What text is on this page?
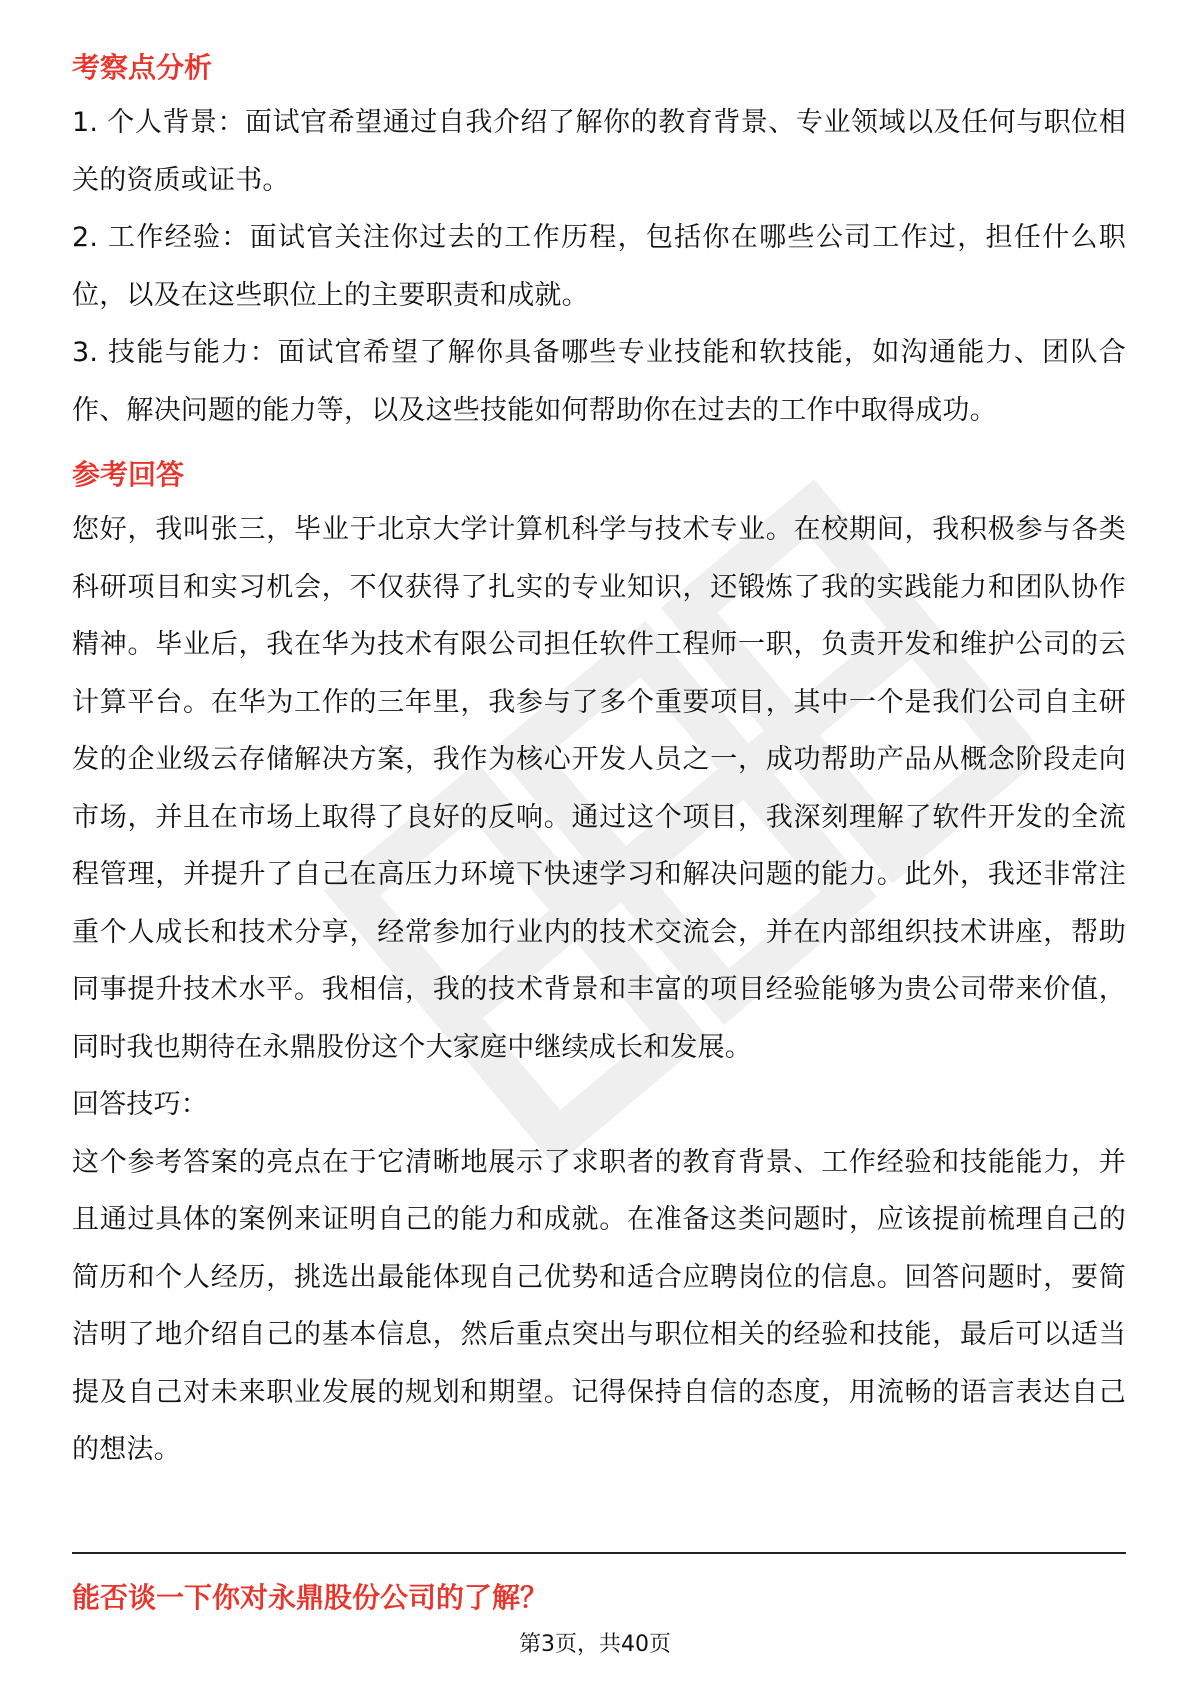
考察点分析

1. 个人背景：面试官希望通过自我介绍了解你的教育背景、专业领域以及任何与职位相关的资质或证书。

2. 工作经验：面试官关注你过去的工作历程，包括你在哪些公司工作过，担任什么职位，以及在这些职位上的主要职责和成就。

3. 技能与能力：面试官希望了解你具备哪些专业技能和软技能，如沟通能力、团队合作、解决问题的能力等，以及这些技能如何帮助你在过去的工作中取得成功。

参考回答

您好，我叫张三，毕业于北京大学计算机科学与技术专业。在校期间，我积极参与各类科研项目和实习机会，不仅获得了扎实的专业知识，还锻炼了我的实践能力和团队协作精神。毕业后，我在华为技术有限公司担任软件工程师一职，负责开发和维护公司的云计算平台。在华为工作的三年里，我参与了多个重要项目，其中一个是我们公司自主研发的企业级云存储解决方案，我作为核心开发人员之一，成功帮助产品从概念阶段走向市场，并且在市场上取得了良好的反响。通过这个项目，我深刻理解了软件开发的全流程管理，并提升了自己在高压力环境下快速学习和解决问题的能力。此外，我还非常注重个人成长和技术分享，经常参加行业内的技术交流会，并在内部组织技术讲座，帮助同事提升技术水平。我相信，我的技术背景和丰富的项目经验能够为贵公司带来价值，同时我也期待在永鼎股份这个大家庭中继续成长和发展。

回答技巧：

这个参考答案的亮点在于它清晰地展示了求职者的教育背景、工作经验和技能能力，并且通过具体的案例来证明自己的能力和成就。在准备这类问题时，应该提前梳理自己的简历和个人经历，挑选出最能体现自己优势和适合应聘岗位的信息。回答问题时，要简洁明了地介绍自己的基本信息，然后重点突出与职位相关的经验和技能，最后可以适当提及自己对未来职业发展的规划和期望。记得保持自信的态度，用流畅的语言表达自己的想法。

能否谈一下你对永鼎股份公司的了解？
第3页，共40页
